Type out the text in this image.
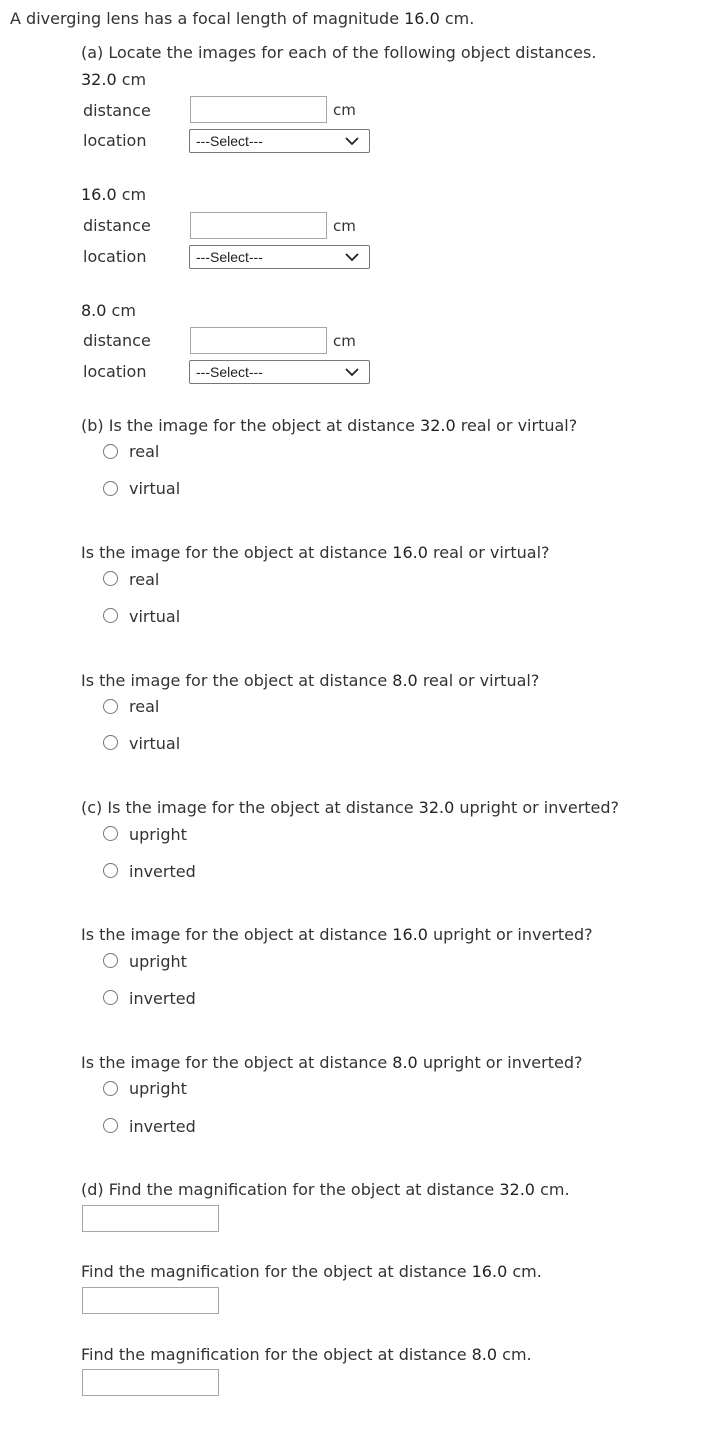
A diverging lens has a focal length of magnitude 16.0 cm.
(a) Locate the images for each of the following object distances.
32.0 cm
distance	cm
location	---Select---
16.0 cm
distance	cm
location	---Select---
8.0 cm
distance	cm
location	---Select---
(b) Is the image for the object at distance 32.0 real or virtual?
real
virtual
Is the image for the object at distance 16.0 real or virtual?
real
virtual
Is the image for the object at distance 8.0 real or virtual?
real
virtual
(c) Is the image for the object at distance 32.0 upright or inverted?
upright
inverted
Is the image for the object at distance 16.0 upright or inverted?
upright
inverted
Is the image for the object at distance 8.0 upright or inverted?
upright
inverted
(d) Find the magnification for the object at distance 32.0 cm.
Find the magnification for the object at distance 16.0 cm.
Find the magnification for the object at distance 8.0 cm.
